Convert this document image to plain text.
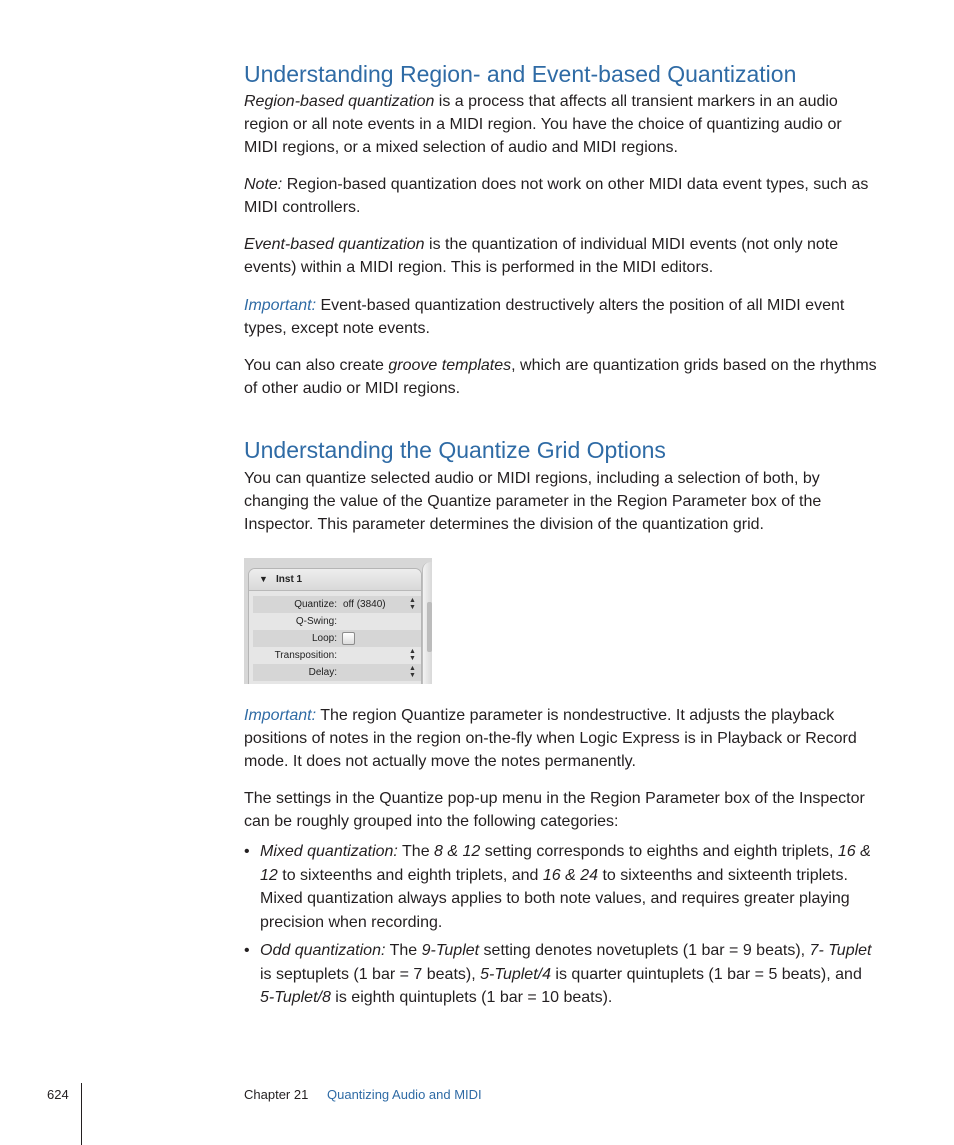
Understanding Region- and Event-based Quantization

Region-based quantization is a process that affects all transient markers in an audio region or all note events in a MIDI region. You have the choice of quantizing audio or MIDI regions, or a mixed selection of audio and MIDI regions.

Note: Region-based quantization does not work on other MIDI data event types, such as MIDI controllers.

Event-based quantization is the quantization of individual MIDI events (not only note events) within a MIDI region. This is performed in the MIDI editors.

Important: Event-based quantization destructively alters the position of all MIDI event types, except note events.

You can also create groove templates, which are quantization grids based on the rhythms of other audio or MIDI regions.

Understanding the Quantize Grid Options

You can quantize selected audio or MIDI regions, including a selection of both, by changing the value of the Quantize parameter in the Region Parameter box of the Inspector. This parameter determines the division of the quantization grid.

▼ Inst 1
Quantize: off (3840)	▲
▼
Q-Swing:
Loop:
Transposition:	▲
▼
Delay:	▲
▼

Important: The region Quantize parameter is nondestructive. It adjusts the playback positions of notes in the region on-the-fly when Logic Express is in Playback or Record mode. It does not actually move the notes permanently.

The settings in the Quantize pop-up menu in the Region Parameter box of the Inspector can be roughly grouped into the following categories:

• Mixed quantization: The 8 & 12 setting corresponds to eighths and eighth triplets, 16 & 12 to sixteenths and eighth triplets, and 16 & 24 to sixteenths and sixteenth triplets. Mixed quantization always applies to both note values, and requires greater playing precision when recording.
• Odd quantization: The 9-Tuplet setting denotes novetuplets (1 bar = 9 beats), 7- Tuplet is septuplets (1 bar = 7 beats), 5-Tuplet/4 is quarter quintuplets (1 bar = 5 beats), and 5-Tuplet/8 is eighth quintuplets (1 bar = 10 beats).
624	Chapter 21 Quantizing Audio and MIDI
